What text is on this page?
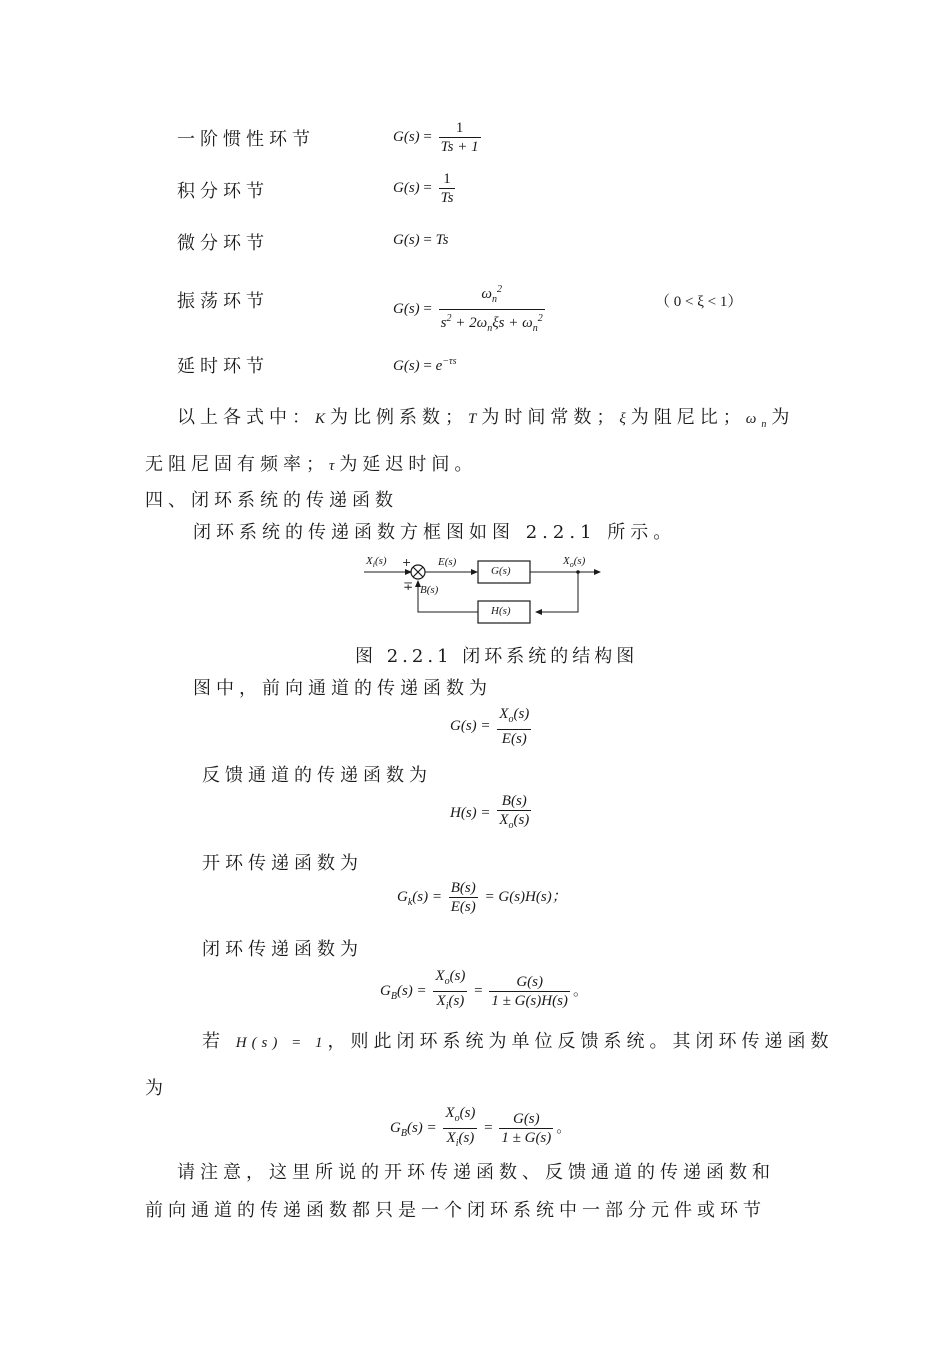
一阶惯性环节	$G(s) = \frac{1}{Ts + 1}$
积分环节	$G(s) = \frac{1}{Ts}$
微分环节	G(s) = Ts
振荡环节	$G(s) = \frac{\omega_n^2}{s^2 + 2\omega_n\xi s + \omega_n^2}$	（ 0 < ξ < 1）
延时环节	$G(s) = e^{-\tau s}$
以上各式中：K为比例系数；T为时间常数；ξ为阻尼比；$\omega_n$为
无阻尼固有频率；τ为延迟时间。
四、闭环系统的传递函数
闭环系统的传递函数方框图如图 2.2.1 所示。
$X_i(s)$ +
∓
E(s)
G(s)
$X_o(s)$
B(s)
H(s)
图 2.2.1 闭环系统的结构图
图中，前向通道的传递函数为
$G(s) = \frac{X_o(s)}{E(s)}$
反馈通道的传递函数为
$H(s) = \frac{B(s)}{X_o(s)}$
开环传递函数为
$G_k(s) = \frac{B(s)}{E(s)} = G(s)H(s)$；
闭环传递函数为
$G_B(s) = \frac{X_o(s)}{X_i(s)} = \frac{G(s)}{1 \pm G(s)H(s)}$ 。
若 H(s) = 1，则此闭环系统为单位反馈系统。其闭环传递函数
为
$G_B(s) = \frac{X_o(s)}{X_i(s)} = \frac{G(s)}{1 \pm G(s)}$ 。
请注意，这里所说的开环传递函数、反馈通道的传递函数和
前向通道的传递函数都只是一个闭环系统中一部分元件或环节
